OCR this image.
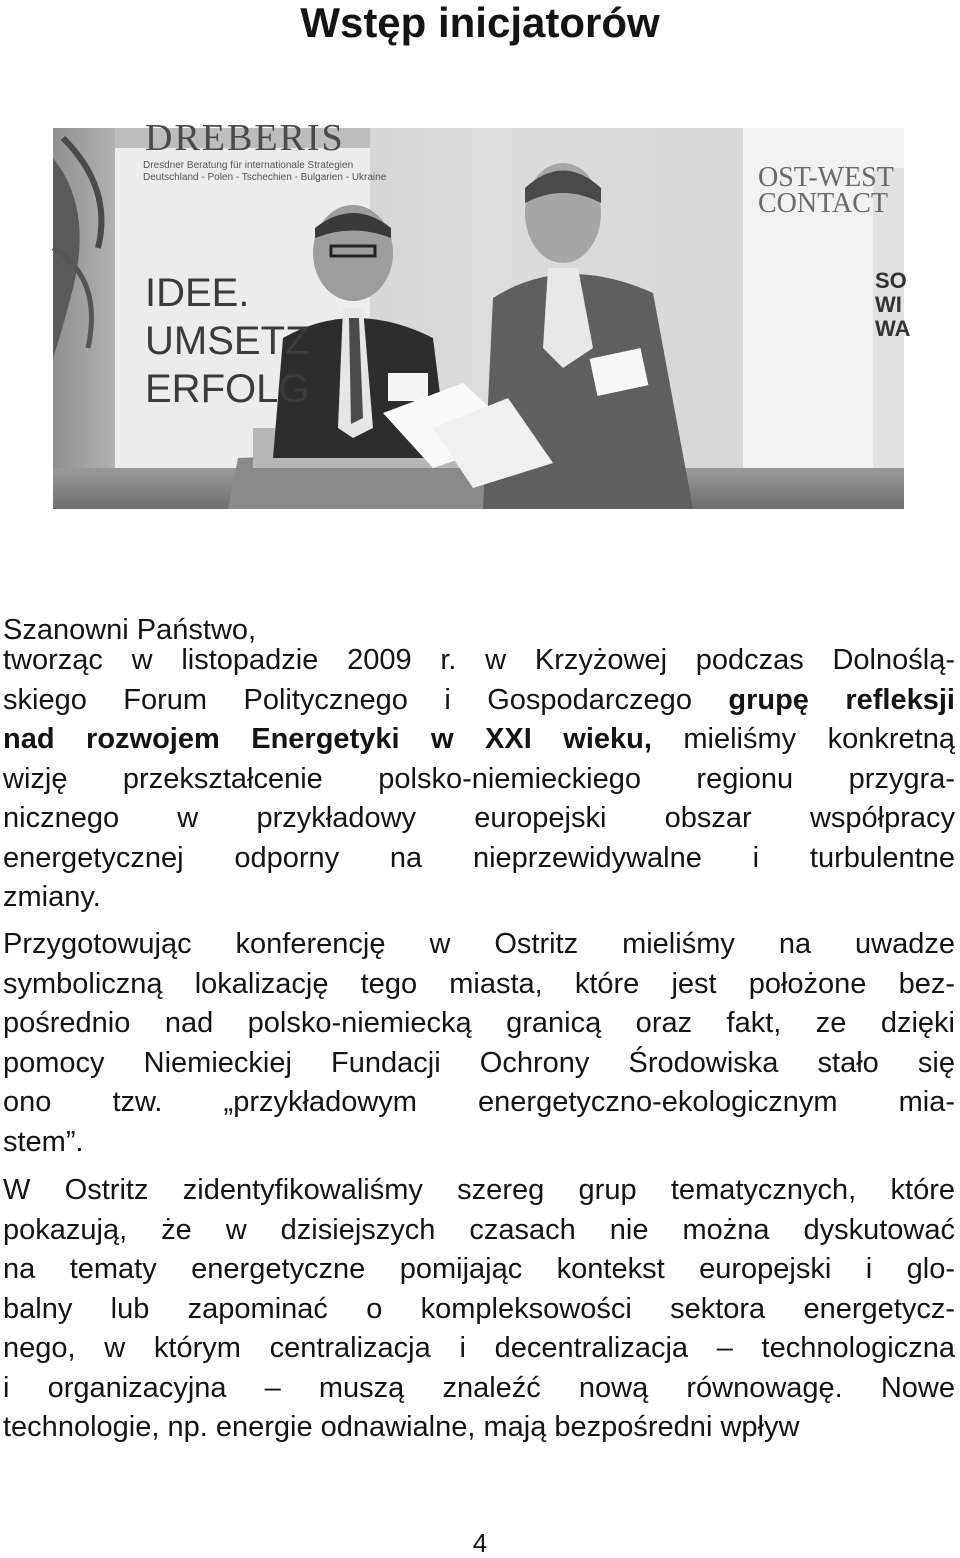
Wstęp inicjatorów
DREBERIS
Dresdner Beratung für internationale Strategien
Deutschland - Polen - Tschechien - Bulgarien - Ukraine
IDEE.
UMSETZ
ERFOLG
OST-WEST
CONTACT
SO
WI
WA

Szanowni Państwo,

tworząc w listopadzie 2009 r. w Krzyżowej podczas Dolnoślą-
skiego Forum Politycznego i Gospodarczego grupę refleksji
nad rozwojem Energetyki w XXI wieku, mieliśmy konkretną
wizję przekształcenie polsko-niemieckiego regionu przygra-
nicznego w przykładowy europejski obszar współpracy
energetycznej odporny na nieprzewidywalne i turbulentne
zmiany.
Przygotowując konferencję w Ostritz mieliśmy na uwadze
symboliczną lokalizację tego miasta, które jest położone bez-
pośrednio nad polsko-niemiecką granicą oraz fakt, ze dzięki
pomocy Niemieckiej Fundacji Ochrony Środowiska stało się
ono tzw. „przykładowym energetyczno-ekologicznym mia-
stem”.
W Ostritz zidentyfikowaliśmy szereg grup tematycznych, które
pokazują, że w dzisiejszych czasach nie można dyskutować
na tematy energetyczne pomijając kontekst europejski i glo-
balny lub zapominać o kompleksowości sektora energetycz-
nego, w którym centralizacja i decentralizacja – technologiczna
i organizacyjna – muszą znaleźć nową równowagę. Nowe
technologie, np. energie odnawialne, mają bezpośredni wpływ
4
